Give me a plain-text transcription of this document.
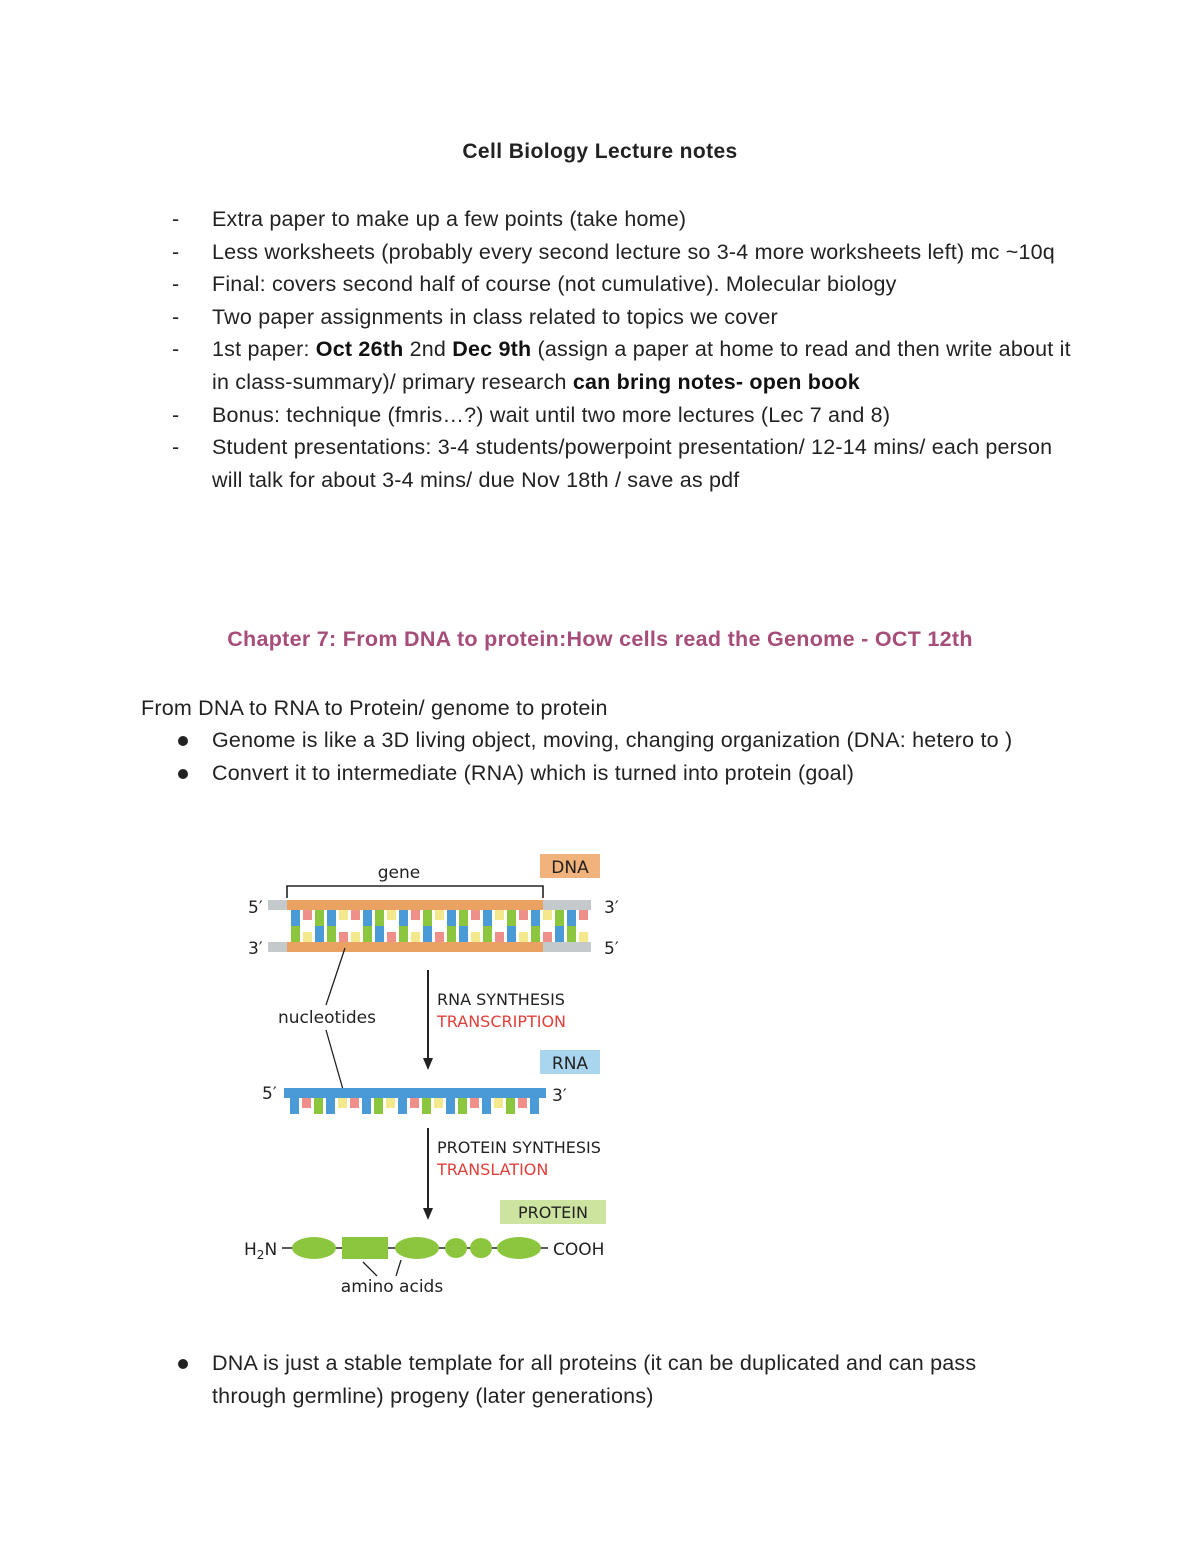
Cell Biology Lecture notes
- Extra paper to make up a few points (take home)
- Less worksheets (probably every second lecture so 3-4 more worksheets left) mc ~10q
- Final: covers second half of course (not cumulative). Molecular biology
- Two paper assignments in class related to topics we cover
- 1st paper: Oct 26th 2nd Dec 9th (assign a paper at home to read and then write about it in class-summary)/ primary research can bring notes- open book
- Bonus: technique (fmris…?) wait until two more lectures (Lec 7 and 8)
- Student presentations: 3-4 students/powerpoint presentation/ 12-14 mins/ each person will talk for about 3-4 mins/ due Nov 18th / save as pdf
Chapter 7: From DNA to protein:How cells read the Genome - OCT 12th
From DNA to RNA to Protein/ genome to protein
Genome is like a 3D living object, moving, changing organization (DNA: hetero to )
Convert it to intermediate (RNA) which is turned into protein (goal)
DNA
gene
5′
3′
3′
5′
nucleotides
RNA SYNTHESIS
TRANSCRIPTION
RNA
5′	3′
PROTEIN SYNTHESIS
TRANSLATION
PROTEIN
$H_2N$	COOH
amino acids
DNA is just a stable template for all proteins (it can be duplicated and can pass through germline) progeny (later generations)
